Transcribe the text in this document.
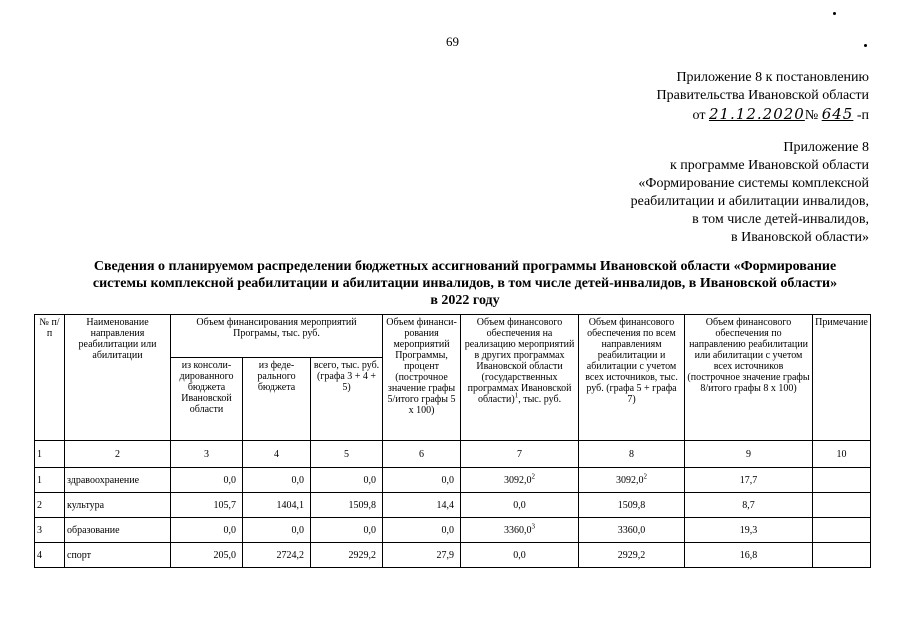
69
Приложение 8 к постановлению
Правительства Ивановской области
от 21.12.2020№ 645 -п
Приложение 8
к программе Ивановской области
«Формирование системы комплексной
реабилитации и абилитации инвалидов,
в том числе детей-инвалидов,
в Ивановской области»
Сведения о планируемом распределении бюджетных ассигнований программы Ивановской области «Формирование
системы комплексной реабилитации и абилитации инвалидов, в том числе детей-инвалидов, в Ивановской области»
в 2022 году
№ п/п	Наименование направления реабилитации или абилитации	Объем финансирования мероприятий Програмы, тыс. руб.			Объем финанси-рования мероприятий Программы, процент (построчное значение графы 5/итого графы 5 х 100)	Объем финансового обеспечения на реализацию мероприятий в других программах Ивановской области (государственных программах Ивановской области)$^1$, тыс. руб.	Объем финансового обеспечения по всем направлениям реабилитации и абилитации с учетом всех источников, тыс. руб. (графа 5 + графа 7)	Объем финансового обеспечения по направлению реабилитации или абилитации с учетом всех источников (построчное значение графы 8/итого графы 8 х 100)	Примечание
		из консоли-дированного бюджета Ивановской области	из феде-рального бюджета	всего, тыс. руб. (графа 3 + 4 + 5)					
1	2	3	4	5	6	7	8	9	10
1	здравоохранение	0,0	0,0	0,0	0,0	3092,0$^2$	3092,0$^2$	17,7	
2	культура	105,7	1404,1	1509,8	14,4	0,0	1509,8	8,7	
3	образование	0,0	0,0	0,0	0,0	3360,0$^3$	3360,0	19,3	
4	спорт	205,0	2724,2	2929,2	27,9	0,0	2929,2	16,8	
